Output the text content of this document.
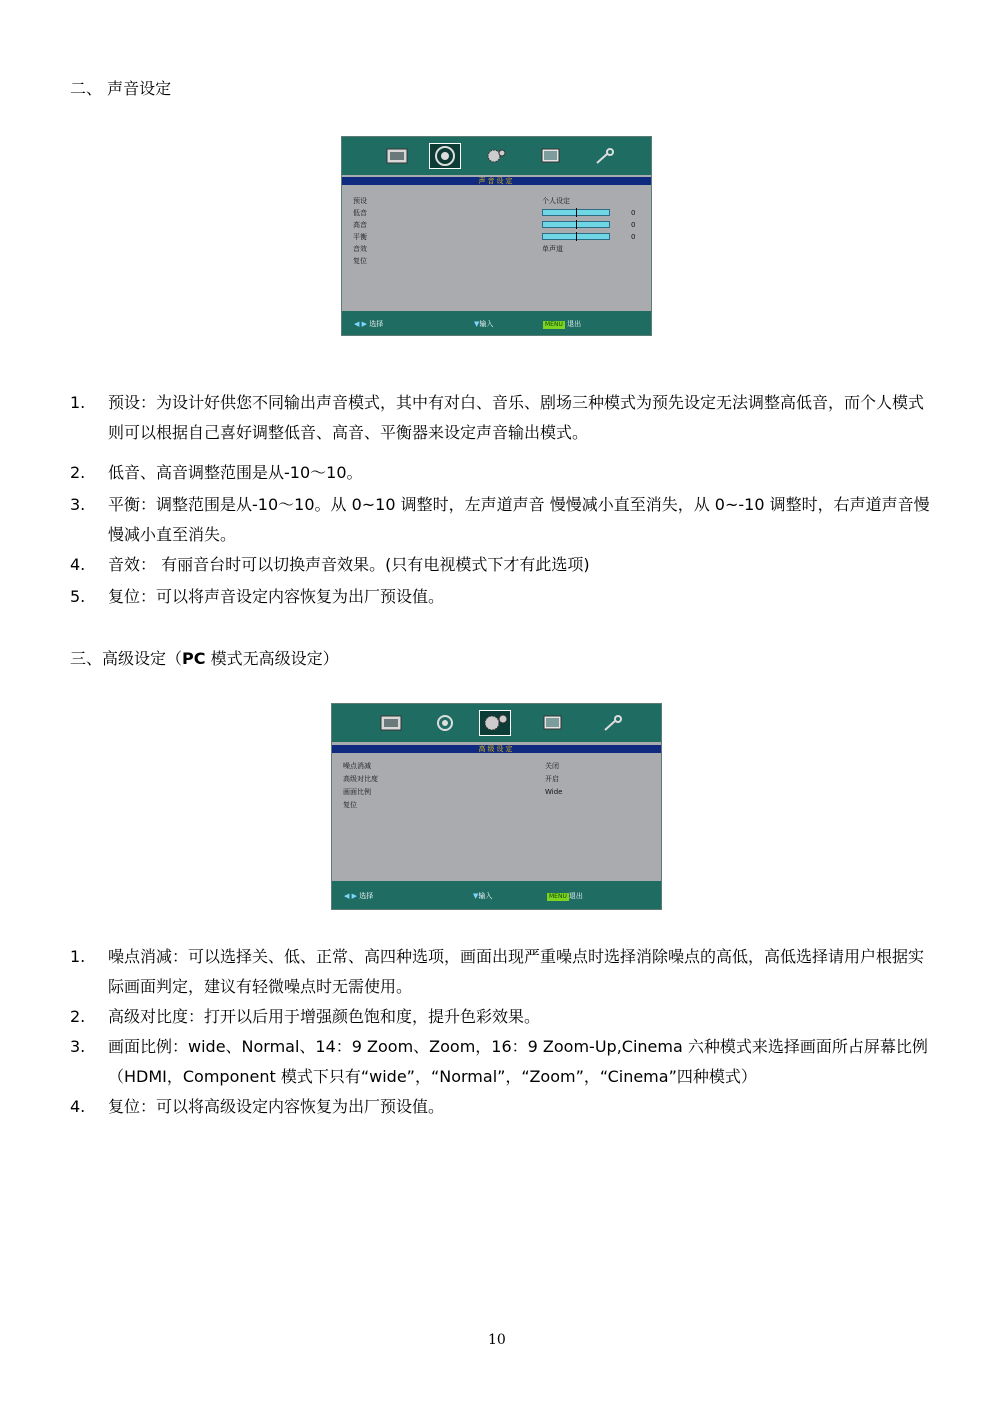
二、 声音设定
声音设定
预设	个人设定
低音	0
高音	0
平衡	0
音效	单声道
复位
◀ ▶ 选择	▼输入	MENU 退出
1.	预设：为设计好供您不同输出声音模式，其中有对白、音乐、剧场三种模式为预先设定无法调整高低音，而个人模式则可以根据自己喜好调整低音、高音、平衡器来设定声音输出模式。
2.	低音、高音调整范围是从-10～10。
3.	平衡：调整范围是从-10～10。从 0~10 调整时，左声道声音 慢慢减小直至消失，从 0~-10 调整时，右声道声音慢慢减小直至消失。
4.	音效： 有丽音台时可以切换声音效果。(只有电视模式下才有此选项)
5.	复位：可以将声音设定内容恢复为出厂预设值。
三、高级设定（PC 模式无高级设定）
高级设定
噪点消减	关闭
高级对比度	开启
画面比例	Wide
复位
◀ ▶ 选择	▼输入	MENU 退出
1.	噪点消减：可以选择关、低、正常、高四种选项，画面出现严重噪点时选择消除噪点的高低，高低选择请用户根据实际画面判定，建议有轻微噪点时无需使用。
2.	高级对比度：打开以后用于增强颜色饱和度，提升色彩效果。
3.	画面比例：wide、Normal、14：9 Zoom、Zoom，16：9 Zoom-Up,Cinema 六种模式来选择画面所占屏幕比例（HDMI，Component 模式下只有“wide”，“Normal”，“Zoom”，“Cinema”四种模式）
4.	复位：可以将高级设定内容恢复为出厂预设值。
10
